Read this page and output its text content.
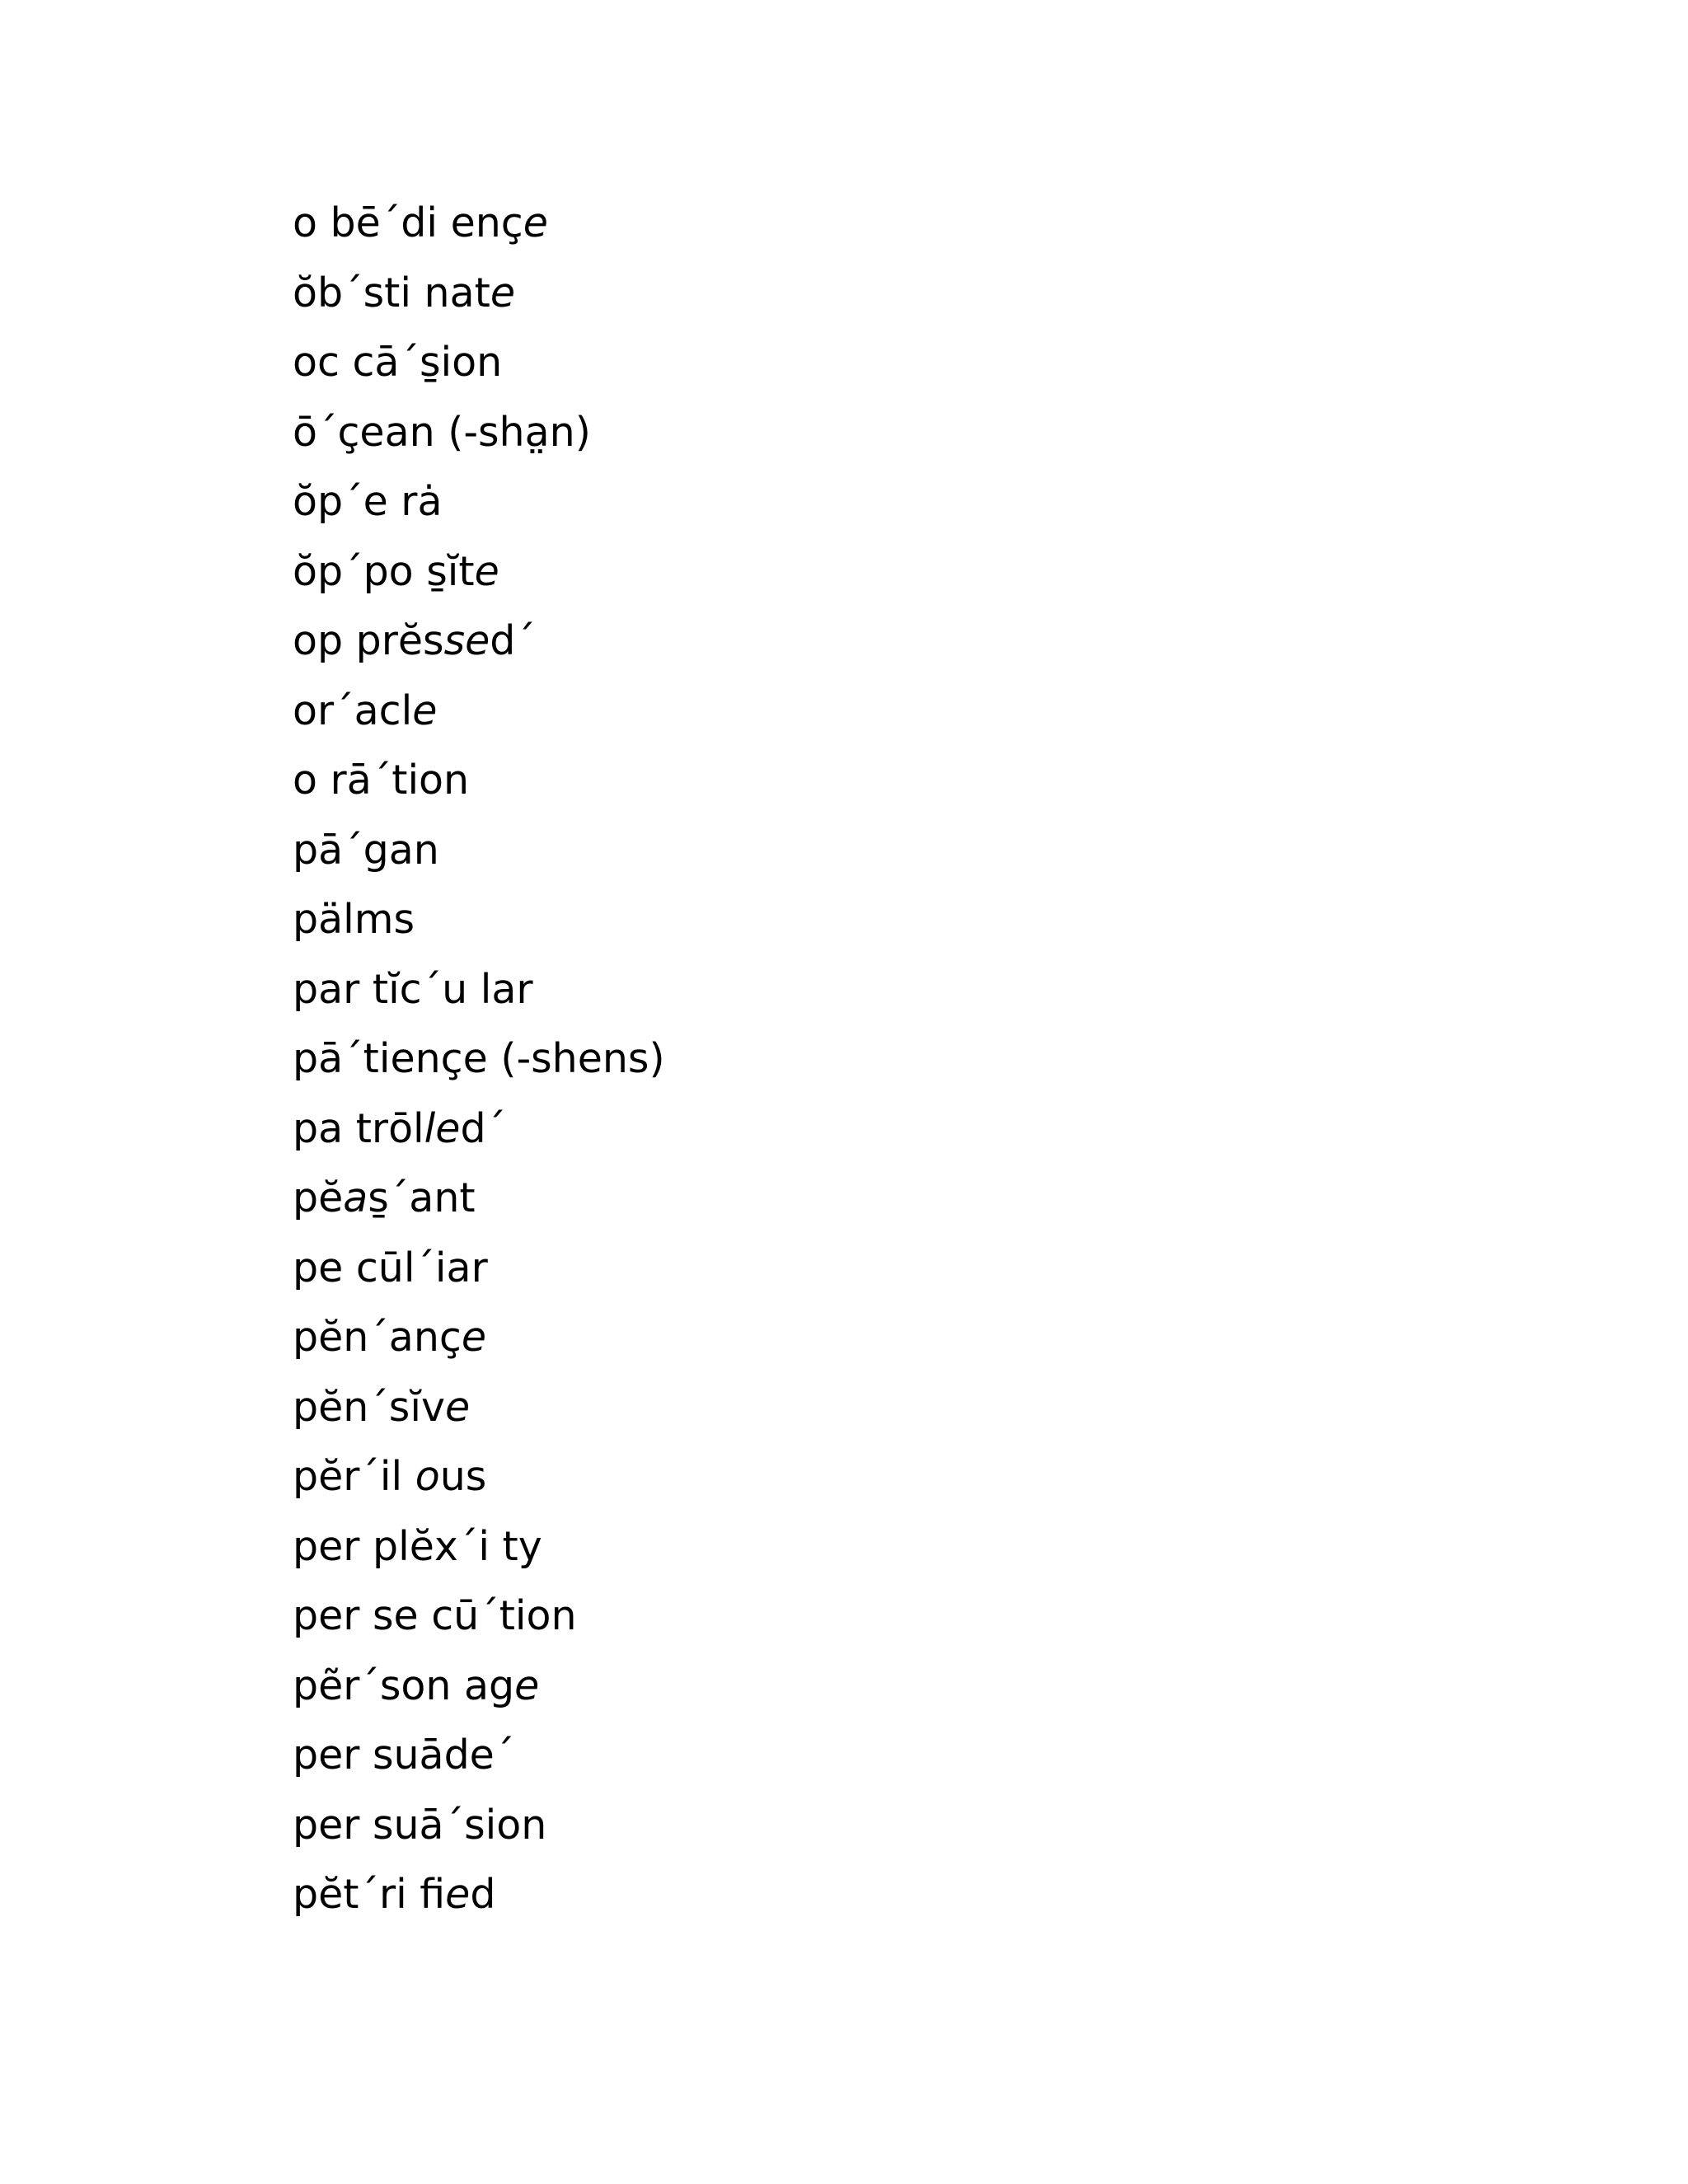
o bē´di ençe
ŏb´sti nate
oc cā´s̱ion
ō´çean (-sha̤n)
ŏp´e rȧ
ŏp´po s̱ĭte
op prĕssed´
or´acle
o rā´tion
pā´gan
pälms
par tĭc´u lar
pā´tiençe (-shens)
pa trōlled´
pĕas̱´ant
pe cūl´iar
pĕn´ançe
pĕn´sĭve
pĕr´il ous
per plĕx´i ty
per se cū´tion
pẽr´son age
per suāde´
per suā´sion
pĕt´ri fied
